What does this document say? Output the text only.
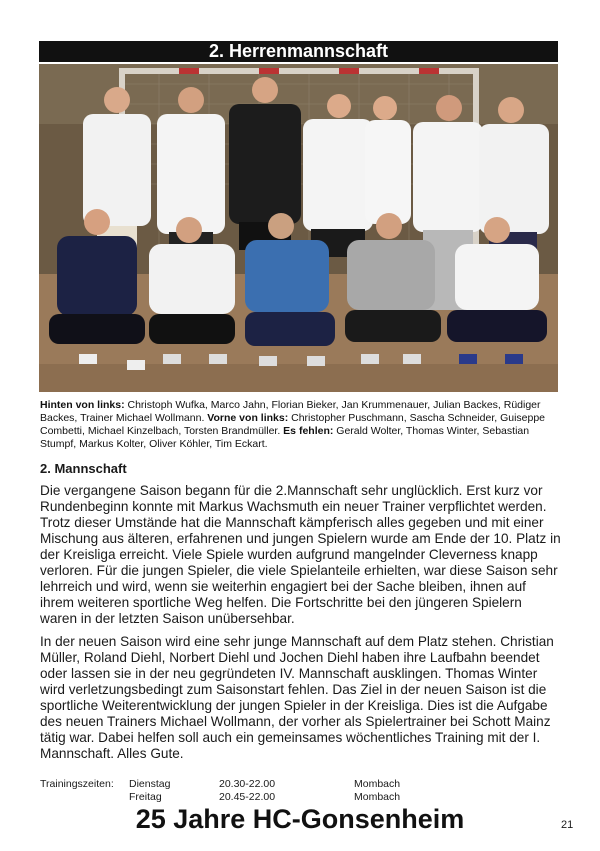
2. Herrenmannschaft
Hinten von links: Christoph Wufka, Marco Jahn, Florian Bieker, Jan Krummenauer, Julian Backes, Rüdiger Backes, Trainer Michael Wollmann. Vorne von links: Christopher Puschmann, Sascha Schneider, Guiseppe Combetti, Michael Kinzelbach, Torsten Brandmüller. Es fehlen: Gerald Wolter, Thomas Winter, Sebastian Stumpf, Markus Kolter, Oliver Köhler, Tim Eckart.
2. Mannschaft

Die vergangene Saison begann für die 2.Mannschaft sehr unglücklich. Erst kurz vor Rundenbeginn konnte mit Markus Wachsmuth ein neuer Trainer verpflichtet werden. Trotz dieser Umstände hat die Mannschaft kämpferisch alles gegeben und mit einer Mischung aus älteren, erfahrenen und jungen Spielern wurde am Ende der 10. Platz in der Kreisliga erreicht. Viele Spiele wurden aufgrund mangelnder Cleverness knapp verloren. Für die jungen Spieler, die viele Spielanteile erhielten, war diese Saison sehr lehrreich und wird, wenn sie weiterhin engagiert bei der Sache bleiben, ihnen auf ihrem weiteren sportliche Weg helfen. Die Fortschritte bei den jüngeren Spielern waren in der letzten Saison unübersehbar.

In der neuen Saison wird eine sehr junge Mannschaft auf dem Platz stehen. Christian Müller, Roland Diehl, Norbert Diehl und Jochen Diehl haben ihre Laufbahn beendet oder lassen sie in der neu gegründeten IV. Mannschaft ausklingen. Thomas Winter wird verletzungsbedingt zum Saisonstart fehlen. Das Ziel in der neuen Saison ist die sportliche Weiterentwicklung der jungen Spieler in der Kreisliga. Dies ist die Aufgabe des neuen Trainers Michael Wollmann, der vorher als Spielertrainer bei Schott Mainz tätig war. Dabei helfen soll auch ein gemeinsames wöchentliches Training mit der I. Mannschaft. Alles Gute.

Trainingszeiten: Dienstag	20.30-22.00	Mombach
Freitag	20.45-22.00	Mombach
25 Jahre HC-Gonsenheim	21
